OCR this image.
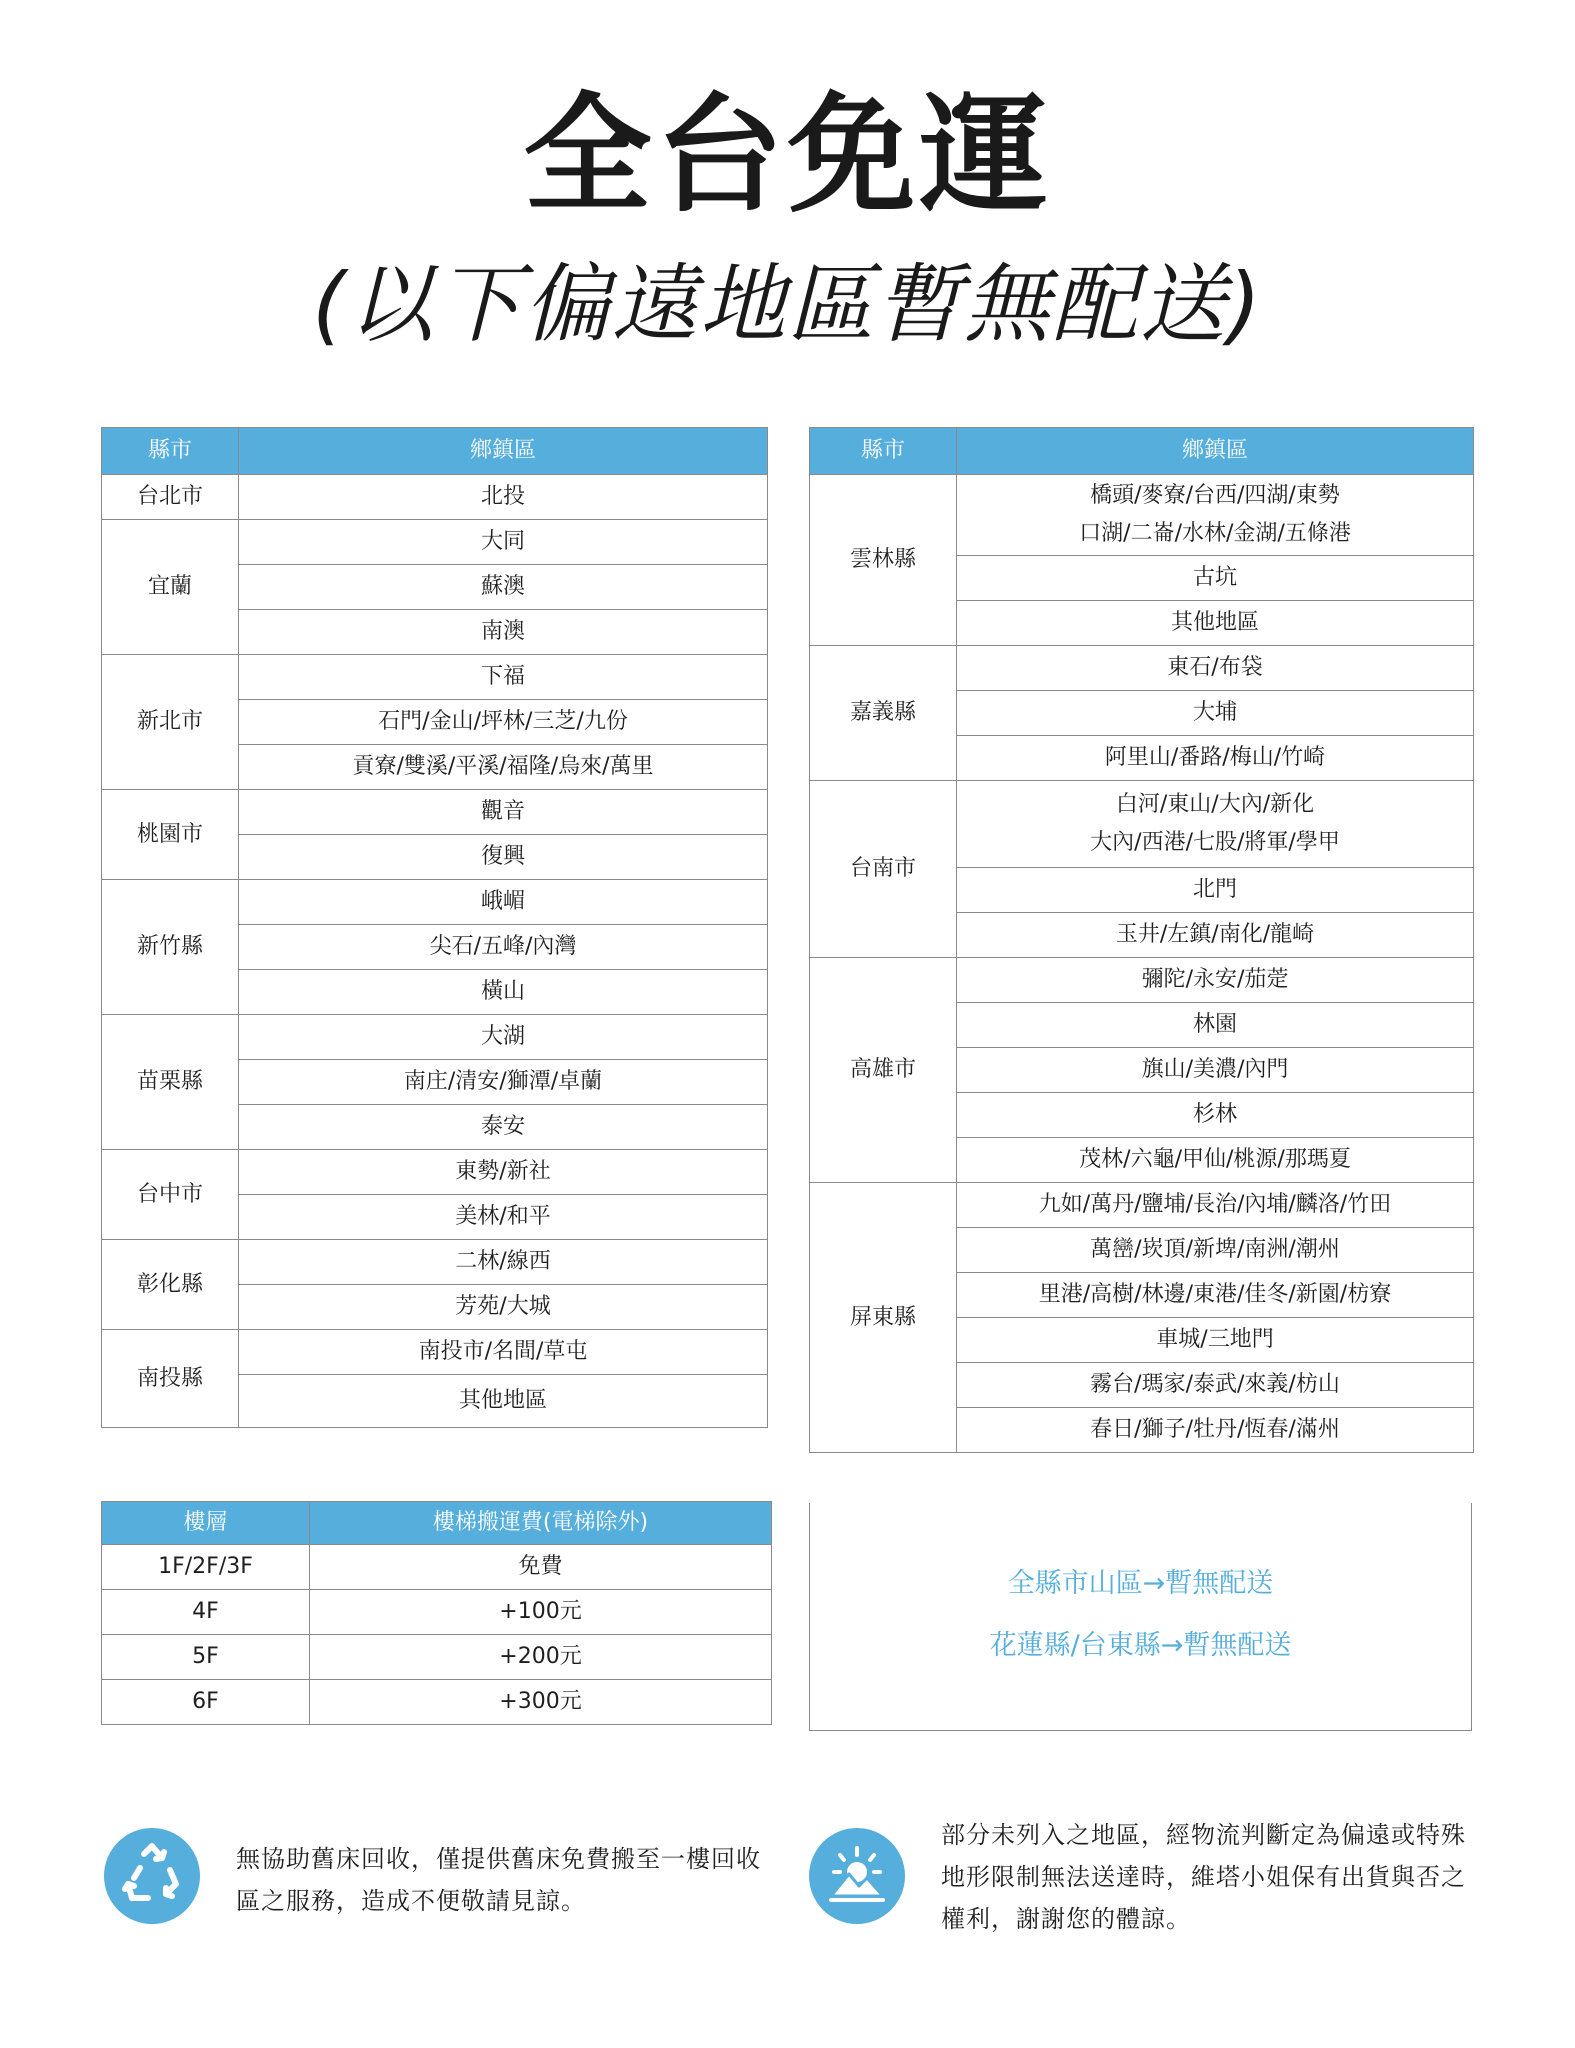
全台免運
(以下偏遠地區暫無配送)
縣市	鄉鎮區
台北市	北投
宜蘭	大同
	蘇澳
	南澳
新北市	下福
	石門/金山/坪林/三芝/九份
	貢寮/雙溪/平溪/福隆/烏來/萬里
桃園市	觀音
	復興
新竹縣	峨嵋
	尖石/五峰/內灣
	橫山
苗栗縣	大湖
	南庄/清安/獅潭/卓蘭
	泰安
台中市	東勢/新社
	美林/和平
彰化縣	二林/線西
	芳苑/大城
南投縣	南投市/名間/草屯
	其他地區
縣市	鄉鎮區
雲林縣	橋頭/麥寮/台西/四湖/東勢
口湖/二崙/水林/金湖/五條港

	古坑
	其他地區
嘉義縣	東石/布袋
	大埔
	阿里山/番路/梅山/竹崎
台南市	白河/東山/大內/新化
大內/西港/七股/將軍/學甲

	北門
	玉井/左鎮/南化/龍崎
高雄市	彌陀/永安/茄萣
	林園
	旗山/美濃/內門
	杉林
	茂林/六龜/甲仙/桃源/那瑪夏
屏東縣	九如/萬丹/鹽埔/長治/內埔/麟洛/竹田
	萬巒/崁頂/新埤/南洲/潮州
	里港/高樹/林邊/東港/佳冬/新園/枋寮
	車城/三地門
	霧台/瑪家/泰武/來義/枋山
	春日/獅子/牡丹/恆春/滿州
全縣市山區→暫無配送
花蓮縣/台東縣→暫無配送
樓層	樓梯搬運費(電梯除外)
1F/2F/3F	免費
4F	+100元
5F	+200元
6F	+300元
無協助舊床回收，僅提供舊床免費搬至一樓回收
區之服務，造成不便敬請見諒。
部分未列入之地區，經物流判斷定為偏遠或特殊
地形限制無法送達時，維塔小姐保有出貨與否之
權利，謝謝您的體諒。
